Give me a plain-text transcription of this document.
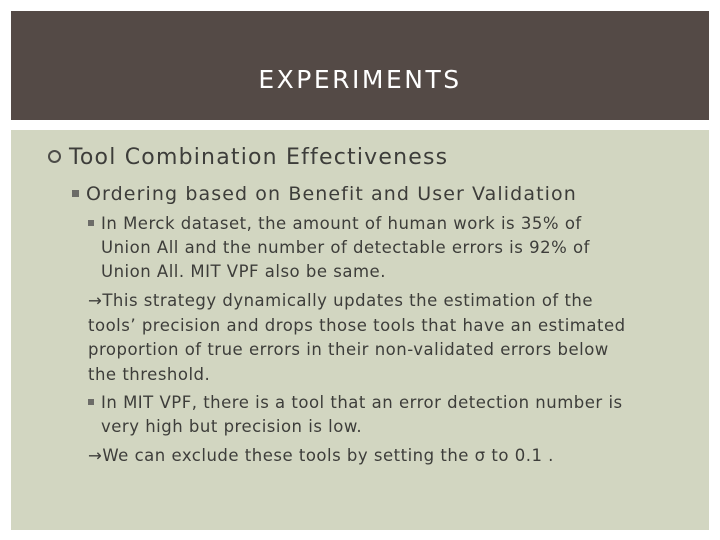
EXPERIMENTS
Tool Combination Effectiveness
Ordering based on Benefit and User Validation
In Merck dataset, the amount of human work is 35% of
Union All and the number of detectable errors is 92% of
Union All. MIT VPF also be same.
→This strategy dynamically updates the estimation of the
tools’ precision and drops those tools that have an estimated
proportion of true errors in their non-validated errors below
the threshold.
In MIT VPF, there is a tool that an error detection number is
very high but precision is low.
→We can exclude these tools by setting the σ to 0.1 .
